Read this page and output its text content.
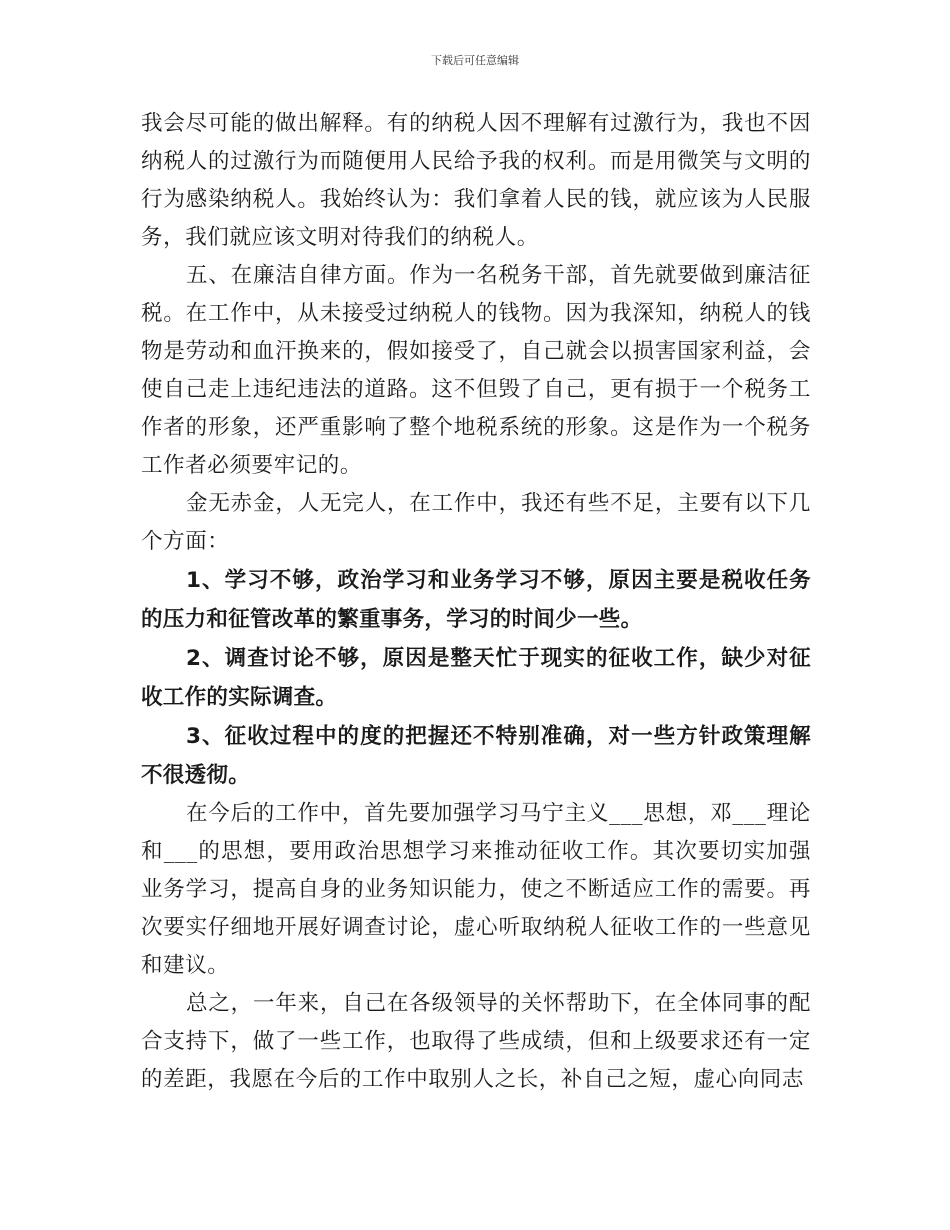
下载后可任意编辑

我会尽可能的做出解释。有的纳税人因不理解有过激行为，我也不因纳税人的过激行为而随便用人民给予我的权利。而是用微笑与文明的行为感染纳税人。我始终认为：我们拿着人民的钱，就应该为人民服务，我们就应该文明对待我们的纳税人。

五、在廉洁自律方面。作为一名税务干部，首先就要做到廉洁征税。在工作中，从未接受过纳税人的钱物。因为我深知，纳税人的钱物是劳动和血汗换来的，假如接受了，自己就会以损害国家利益，会使自己走上违纪违法的道路。这不但毁了自己，更有损于一个税务工作者的形象，还严重影响了整个地税系统的形象。这是作为一个税务工作者必须要牢记的。

金无赤金，人无完人，在工作中，我还有些不足，主要有以下几个方面：

1、学习不够，政治学习和业务学习不够，原因主要是税收任务的压力和征管改革的繁重事务，学习的时间少一些。

2、调查讨论不够，原因是整天忙于现实的征收工作，缺少对征收工作的实际调查。

3、征收过程中的度的把握还不特别准确，对一些方针政策理解不很透彻。

在今后的工作中，首先要加强学习马宁主义___思想，邓___理论和___的思想，要用政治思想学习来推动征收工作。其次要切实加强业务学习，提高自身的业务知识能力，使之不断适应工作的需要。再次要实仔细地开展好调查讨论，虚心听取纳税人征收工作的一些意见和建议。

总之，一年来，自己在各级领导的关怀帮助下，在全体同事的配合支持下，做了一些工作，也取得了些成绩，但和上级要求还有一定的差距，我愿在今后的工作中取别人之长，补自己之短，虚心向同志
